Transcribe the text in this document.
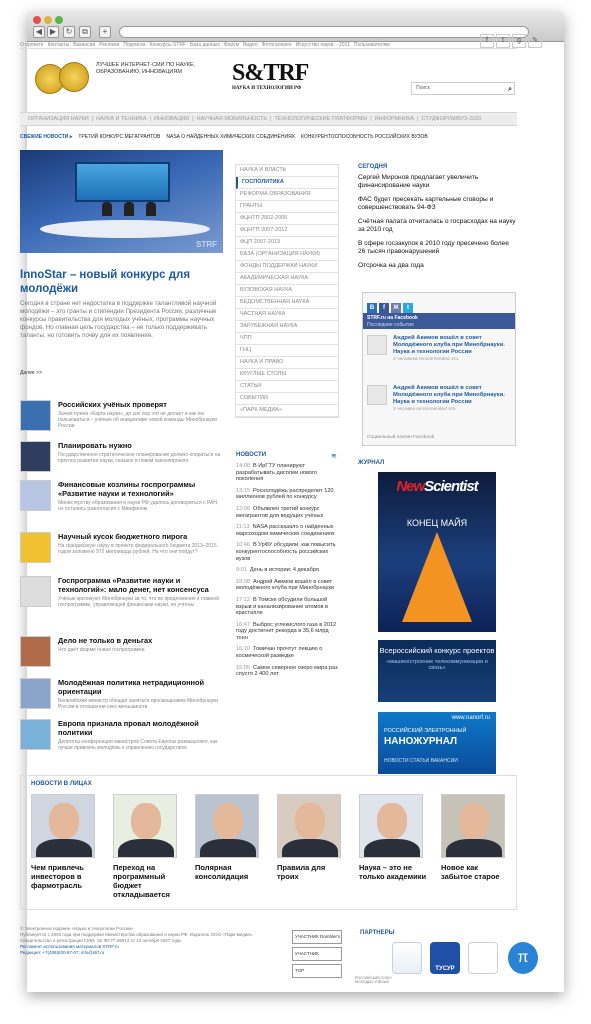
◀ ▶	↻	⧉	+
О проекте Контакты Вакансии Реклама Подписка Конкурсы STRF База данных Форум Видео Фотогалерея Искусство науки – 2011 Пользователям
f	t	g	✎
ЛУЧШЕЕ ИНТЕРНЕТ-СМИ ПО НАУКЕ, ОБРАЗОВАНИЮ, ИННОВАЦИЯМ	S&TRF
НАУКА И ТЕХНОЛОГИИ РФ	Поиск	⌕
ОРГАНИЗАЦИЯ НАУКИ | НАУКА И ТЕХНИКА | ИННОВАЦИИ | НАУЧНАЯ МОБИЛЬНОСТЬ | ТЕХНОЛОГИЧЕСКИЕ ПЛАТФОРМЫ | ИНФОРМНИКА | СТУДФОРУМ/ВУЗ-2020
СВЕЖИЕ НОВОСТИ ▸ ТРЕТИЙ КОНКУРС МЕГАГРАНТОВ NASA О НАЙДЕННЫХ ХИМИЧЕСКИХ СОЕДИНЕНИЯХ КОНКУРЕНТОСПОСОБНОСТЬ РОССИЙСКИХ ВУЗОВ
STRF
InnoStar – новый конкурс для молодёжи
Сегодня в стране нет недостатка в поддержке талантливой научной молодёжи – это гранты и стипендии Президента России, различные конкурсы правительства для молодых учёных, программы научных фондов. Но главная цель государства – не только поддерживать таланты, но готовить почву для их появления.
Далее >>
Российских учёных проверят
Зачем нужна «Карта науки», до сих пор это не делает и как ею пользоваться – учёные об инициативе новой команды Минобрнауки России
Планировать нужно
Государственное стратегическое планирование должно опираться на прогноз развития науки, сказано в новом законопроекте
Финансовые козлины госпрограммы «Развитие науки и технологий»
Министерству образования и науки РФ удалось договориться с РАН, но остались разногласия с Минфином
Научный кусок бюджетного пирога
На грандиозную науку в проекте федерального бюджета 2013–2015 годов заложено 972 миллиарда рублей. На что они пойдут?
Госпрограмма «Развитие науки и технологий»: мало денег, нет консенсуса
Учёные критикуют Минобрнауки за то, что их предложения к главной госпрограмме, управляющей финансами науки, не учтены
Дело не только в деньгах
Что даёт фарме новая госпрограмма
Молодёжная политика нетрадиционной ориентации
Бельгийский министр обещал заняться просвещением Минобрнауки России в отношении секс-меньшинств
Европа признала провал молодёжной политики
Делегаты конференции министров Совета Европы размышляют, как лучше привлечь молодёжь к управлению государством
НАУКА И ВЛАСТЬ
ГОСПОЛИТИКА
РЕФОРМА ОБРАЗОВАНИЯ
ГРАНТЫ
ФЦНТП 2002-2006
ФЦНТП 2007-2012
ФЦП 2007-2013
БАЗА (ОРГАНИЗАЦИЯ НАУКИ)
ФОНДЫ ПОДДЕРЖКИ НАУКИ
АКАДЕМИЧЕСКАЯ НАУКА
ВУЗОВСКАЯ НАУКА
ВЕДОМСТВЕННАЯ НАУКА
ЧАСТНАЯ НАУКА
ЗАРУБЕЖНАЯ НАУКА
ЧПП
ГНЦ
НАУКА И ПРАВО
КРУГЛЫЕ СТОЛЫ
СТАТЬИ
СОБЫТИЯ
«ПАРК-МЕДИА»
НОВОСТИ	≋
14:08 В ИрГТУ планируют разрабатывать дисплеи нового поколения
13:15 Роснолодёжь распределит 120 миллионов рублей по конкурсу
12:08 Объявлен третий конкурс мегагрантов для ведущих учёных
11:13 NASA рассказало о найденных марсоходом химических соединениях
10:46 В УрФУ обсудили, как повысить конкурентоспособность российских вузов
9:01 День в истории: 4 декабря
18:08 Андрей Акимов вошёл в совет молодёжного клуба при Минобрнауки
17:12 В Томске обсудили большой взрыв и канализирование атомов в кристалле
16:47 Выброс углекислого газа в 2012 году достигнет рекорда в 35,6 млрд тонн
16:10 Томичан прочтут лекцию о космической разведке
15:05 Самое северное озеро мира раз спустя 2 400 лет
СЕГОДНЯ
Сергей Миронов предлагает увеличить финансирование науки
ФАС будет пресекать картельные сговоры и совершенствовать 94-ФЗ
Счётная палата отчиталась о госрасходах на науку за 2010 год
В сфере госзакупок в 2010 году пресечено более 26 тысяч правонарушений
Отсрочка на два года
В f Ж t
STRF.ru на Facebook
Последние события
Андрей Акимов вошёл в совет Молодёжного клуба при Минобрнауки. Наука и технологии России
3 человека recommended это.
Андрей Акимов вошёл в совет Молодёжного клуба при Минобрнауки. Наука и технологии России
3 человек recommended это.
Социальный плагин Facebook
ЖУРНАЛ
NewScientist
КОНЕЦ МАЙЯ
Всероссийский конкурс проектов
«машиностроение телекоммуникации и связь»
www.nanorf.ru
РОССИЙСКИЙ ЭЛЕКТРОННЫЙ
НАНОЖУРНАЛ
НОВОСТИ СТАТЬИ ВАКАНСИИ
НОВОСТИ В ЛИЦАХ
Чем привлечь инвесторов в фармотрасль
Переход на программный бюджет откладывается
Полярная консолидация
Правила для троих
Наука – это не только академики
Новое как забытое старое
© Электронное издание «Наука и технологии России».
Публикуется с 2004 года при поддержке Министерства образования и науки РФ. Издатель ООО «Парк-медиа». Свидетельство о регистрации СМИ: Эл ФС77-29914 от 12 октября 2007 года.
Регламент использования материалов STRF.ru
Редакция: +7(495)930-87-07; info@strf.ru
УЧАСТНИК Rambler's
УЧАСТНИК
TOP
ПАРТНЕРЫ
ТУСУР
π
РОССИЙСКИЙ СОЮЗ МОЛОДЫХ УЧЁНЫХ
